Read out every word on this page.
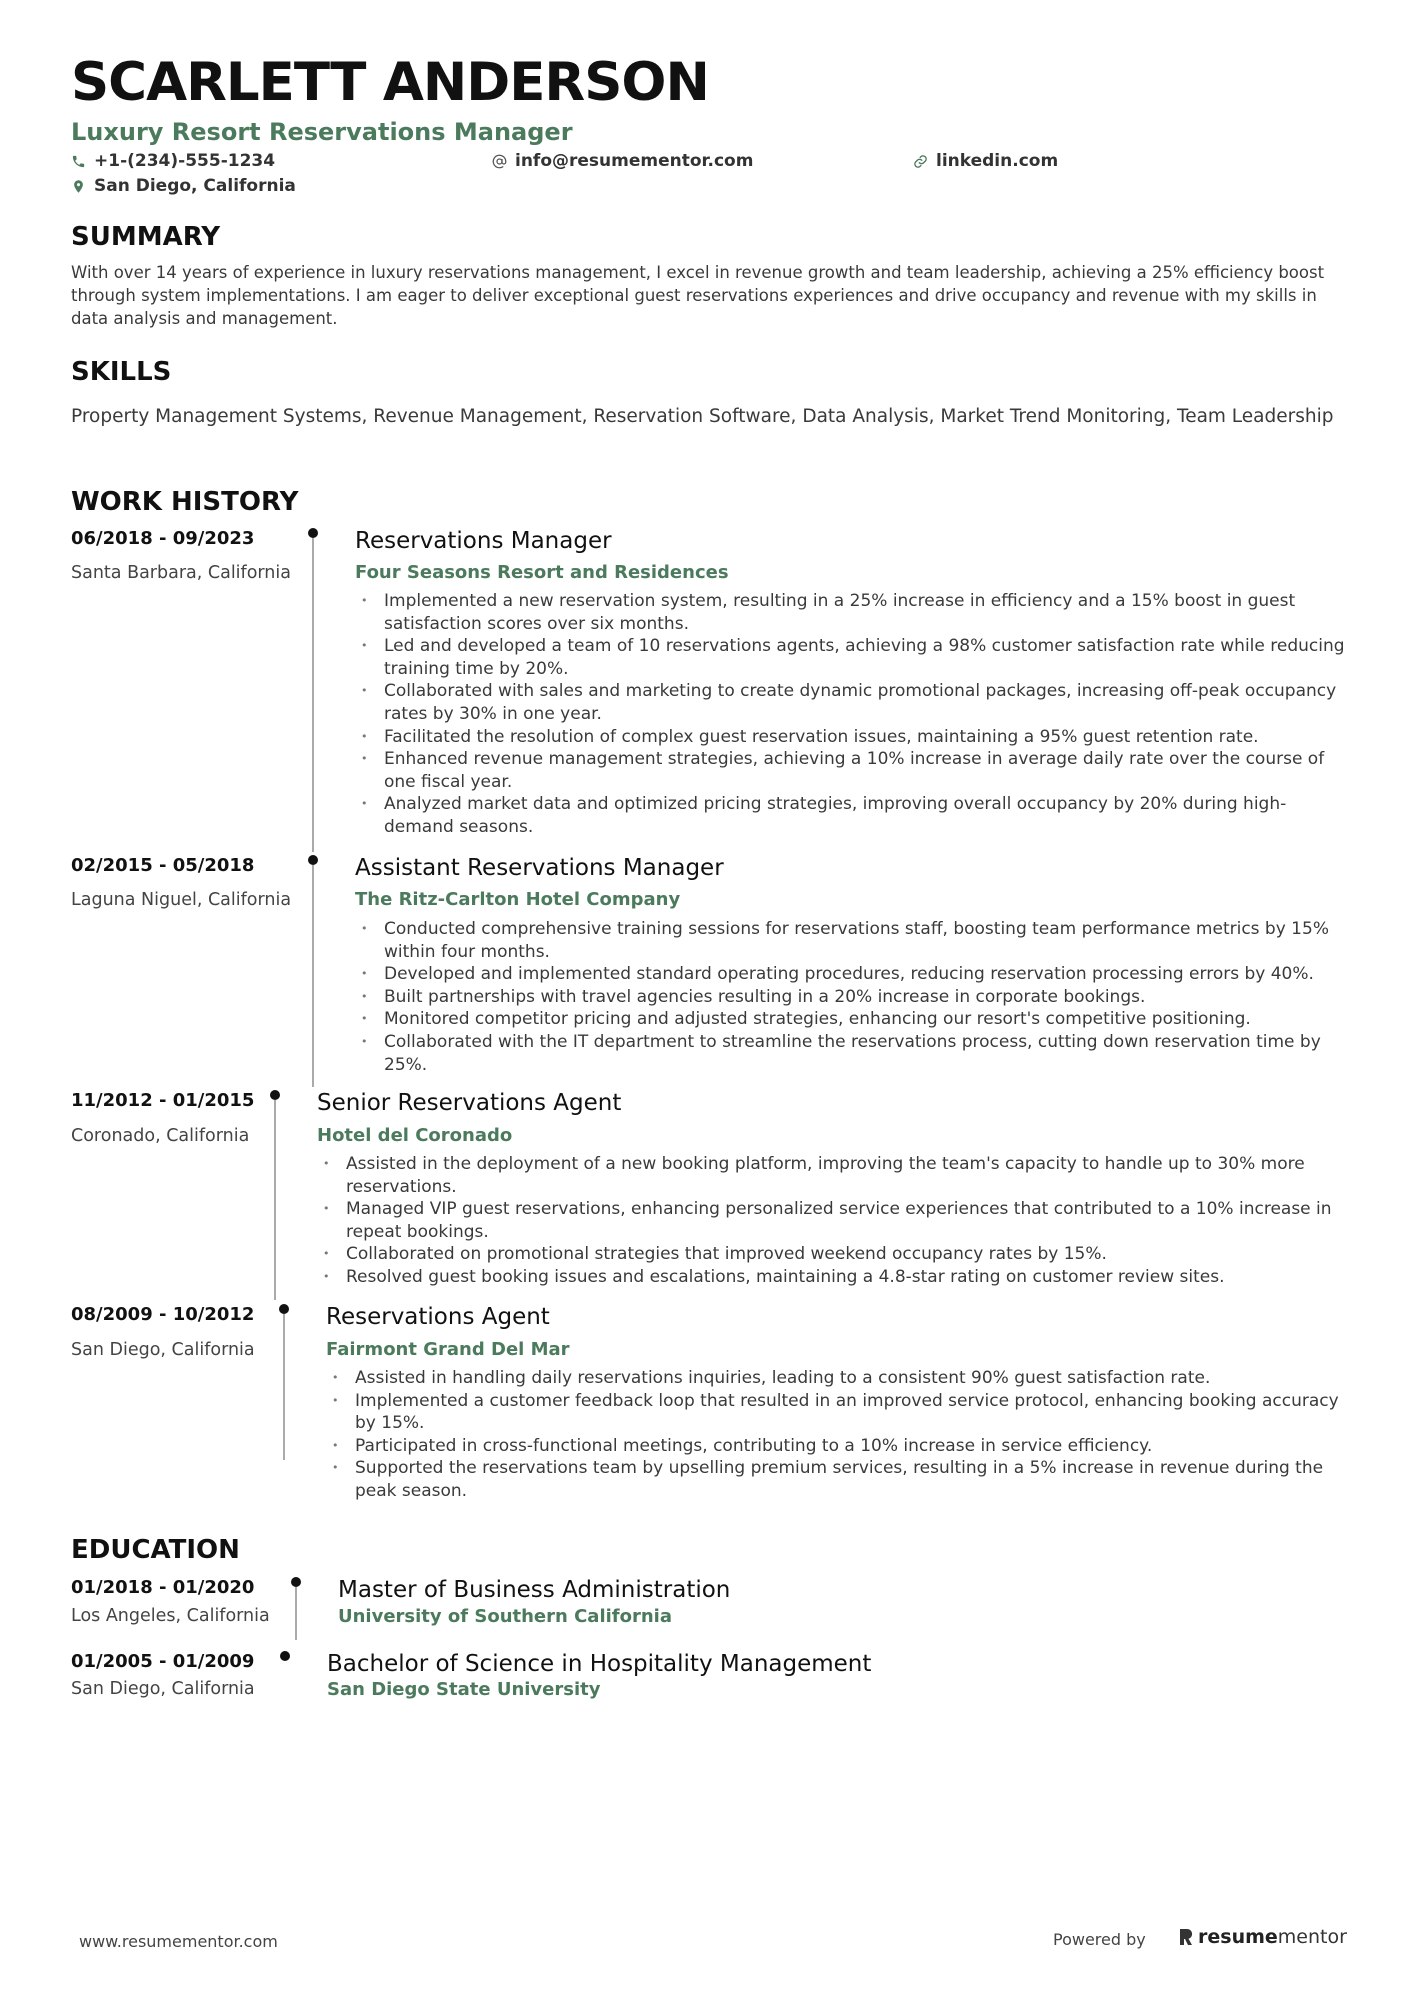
SCARLETT ANDERSON
Luxury Resort Reservations Manager
+1-(234)-555-1234	info@resumementor.com	linkedin.com
San Diego, California
SUMMARY
With over 14 years of experience in luxury reservations management, I excel in revenue growth and team leadership, achieving a 25% efficiency boost through system implementations. I am eager to deliver exceptional guest reservations experiences and drive occupancy and revenue with my skills in data analysis and management.
SKILLS
Property Management Systems, Revenue Management, Reservation Software, Data Analysis, Market Trend Monitoring, Team Leadership
WORK HISTORY
06/2018 - 09/2023
Santa Barbara, California
Reservations Manager
Four Seasons Resort and Residences
• Implemented a new reservation system, resulting in a 25% increase in efficiency and a 15% boost in guest satisfaction scores over six months.
• Led and developed a team of 10 reservations agents, achieving a 98% customer satisfaction rate while reducing training time by 20%.
• Collaborated with sales and marketing to create dynamic promotional packages, increasing off-peak occupancy rates by 30% in one year.
• Facilitated the resolution of complex guest reservation issues, maintaining a 95% guest retention rate.
• Enhanced revenue management strategies, achieving a 10% increase in average daily rate over the course of one fiscal year.
• Analyzed market data and optimized pricing strategies, improving overall occupancy by 20% during high-demand seasons.
02/2015 - 05/2018
Laguna Niguel, California
Assistant Reservations Manager
The Ritz-Carlton Hotel Company
• Conducted comprehensive training sessions for reservations staff, boosting team performance metrics by 15% within four months.
• Developed and implemented standard operating procedures, reducing reservation processing errors by 40%.
• Built partnerships with travel agencies resulting in a 20% increase in corporate bookings.
• Monitored competitor pricing and adjusted strategies, enhancing our resort's competitive positioning.
• Collaborated with the IT department to streamline the reservations process, cutting down reservation time by 25%.
11/2012 - 01/2015
Coronado, California
Senior Reservations Agent
Hotel del Coronado
• Assisted in the deployment of a new booking platform, improving the team's capacity to handle up to 30% more reservations.
• Managed VIP guest reservations, enhancing personalized service experiences that contributed to a 10% increase in repeat bookings.
• Collaborated on promotional strategies that improved weekend occupancy rates by 15%.
• Resolved guest booking issues and escalations, maintaining a 4.8-star rating on customer review sites.
08/2009 - 10/2012
San Diego, California
Reservations Agent
Fairmont Grand Del Mar
• Assisted in handling daily reservations inquiries, leading to a consistent 90% guest satisfaction rate.
• Implemented a customer feedback loop that resulted in an improved service protocol, enhancing booking accuracy by 15%.
• Participated in cross-functional meetings, contributing to a 10% increase in service efficiency.
• Supported the reservations team by upselling premium services, resulting in a 5% increase in revenue during the peak season.
EDUCATION
01/2018 - 01/2020
Los Angeles, California
Master of Business Administration
University of Southern California
01/2005 - 01/2009
San Diego, California
Bachelor of Science in Hospitality Management
San Diego State University
www.resumementor.com	Powered by	resumementor
